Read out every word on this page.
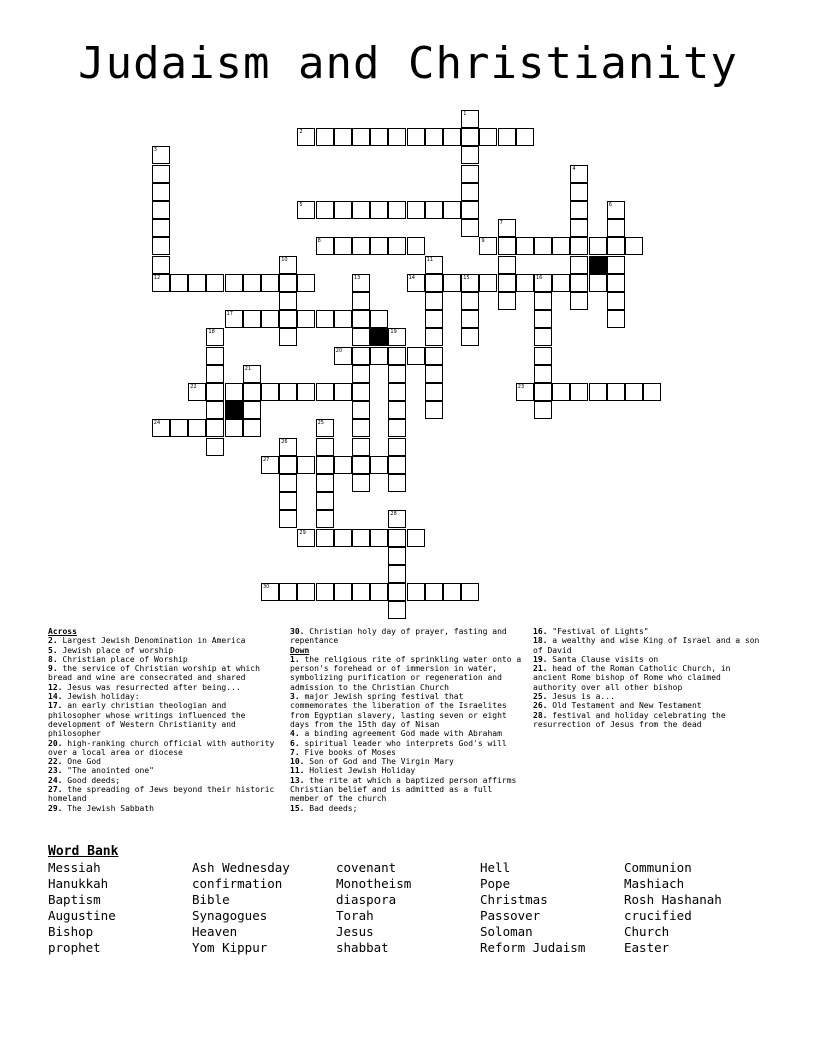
Judaism and Christianity
1
2
3
12
4
5	6
7
8	9
10	11
13	14	15	16
17
18	19
20
21
22	23
24	25
26
27
28
29
30
Across
2. Largest Jewish Denomination in America
5. Jewish place of worship
8. Christian place of Worship
9. the service of Christian worship at which bread and wine are consecrated and shared
12. Jesus was resurrected after being...
14. Jewish holiday:
17. an early christian theologian and philosopher whose writings influenced the development of Western Christianity and philosopher
20. high-ranking church official with authority over a local area or diocese
22. One God
23. "The anointed one"
24. Good deeds;
27. the spreading of Jews beyond their historic homeland
29. The Jewish Sabbath
30. Christian holy day of prayer, fasting and repentance
Down
1. the religious rite of sprinkling water onto a person's forehead or of immersion in water, symbolizing purification or regeneration and admission to the Christian Church
3. major Jewish spring festival that commemorates the liberation of the Israelites from Egyptian slavery, lasting seven or eight days from the 15th day of Nisan
4. a binding agreement God made with Abraham
6. spiritual leader who interprets God's will
7. Five books of Moses
10. Son of God and The Virgin Mary
11. Holiest Jewish Holiday
13. the rite at which a baptized person affirms Christian belief and is admitted as a full member of the church
15. Bad deeds;
16. "Festival of Lights"
18. a wealthy and wise King of Israel and a son of David
19. Santa Clause visits on
21. head of the Roman Catholic Church, in ancient Rome bishop of Rome who claimed authority over all other bishop
25. Jesus is a...
26. Old Testament and New Testament
28. festival and holiday celebrating the resurrection of Jesus from the dead
Word Bank
Messiah
Hanukkah
Baptism
Augustine
Bishop
prophet
Ash Wednesday
confirmation
Bible
Synagogues
Heaven
Yom Kippur
covenant
Monotheism
diaspora
Torah
Jesus
shabbat
Hell
Pope
Christmas
Passover
Soloman
Reform Judaism
Communion
Mashiach
Rosh Hashanah
crucified
Church
Easter
